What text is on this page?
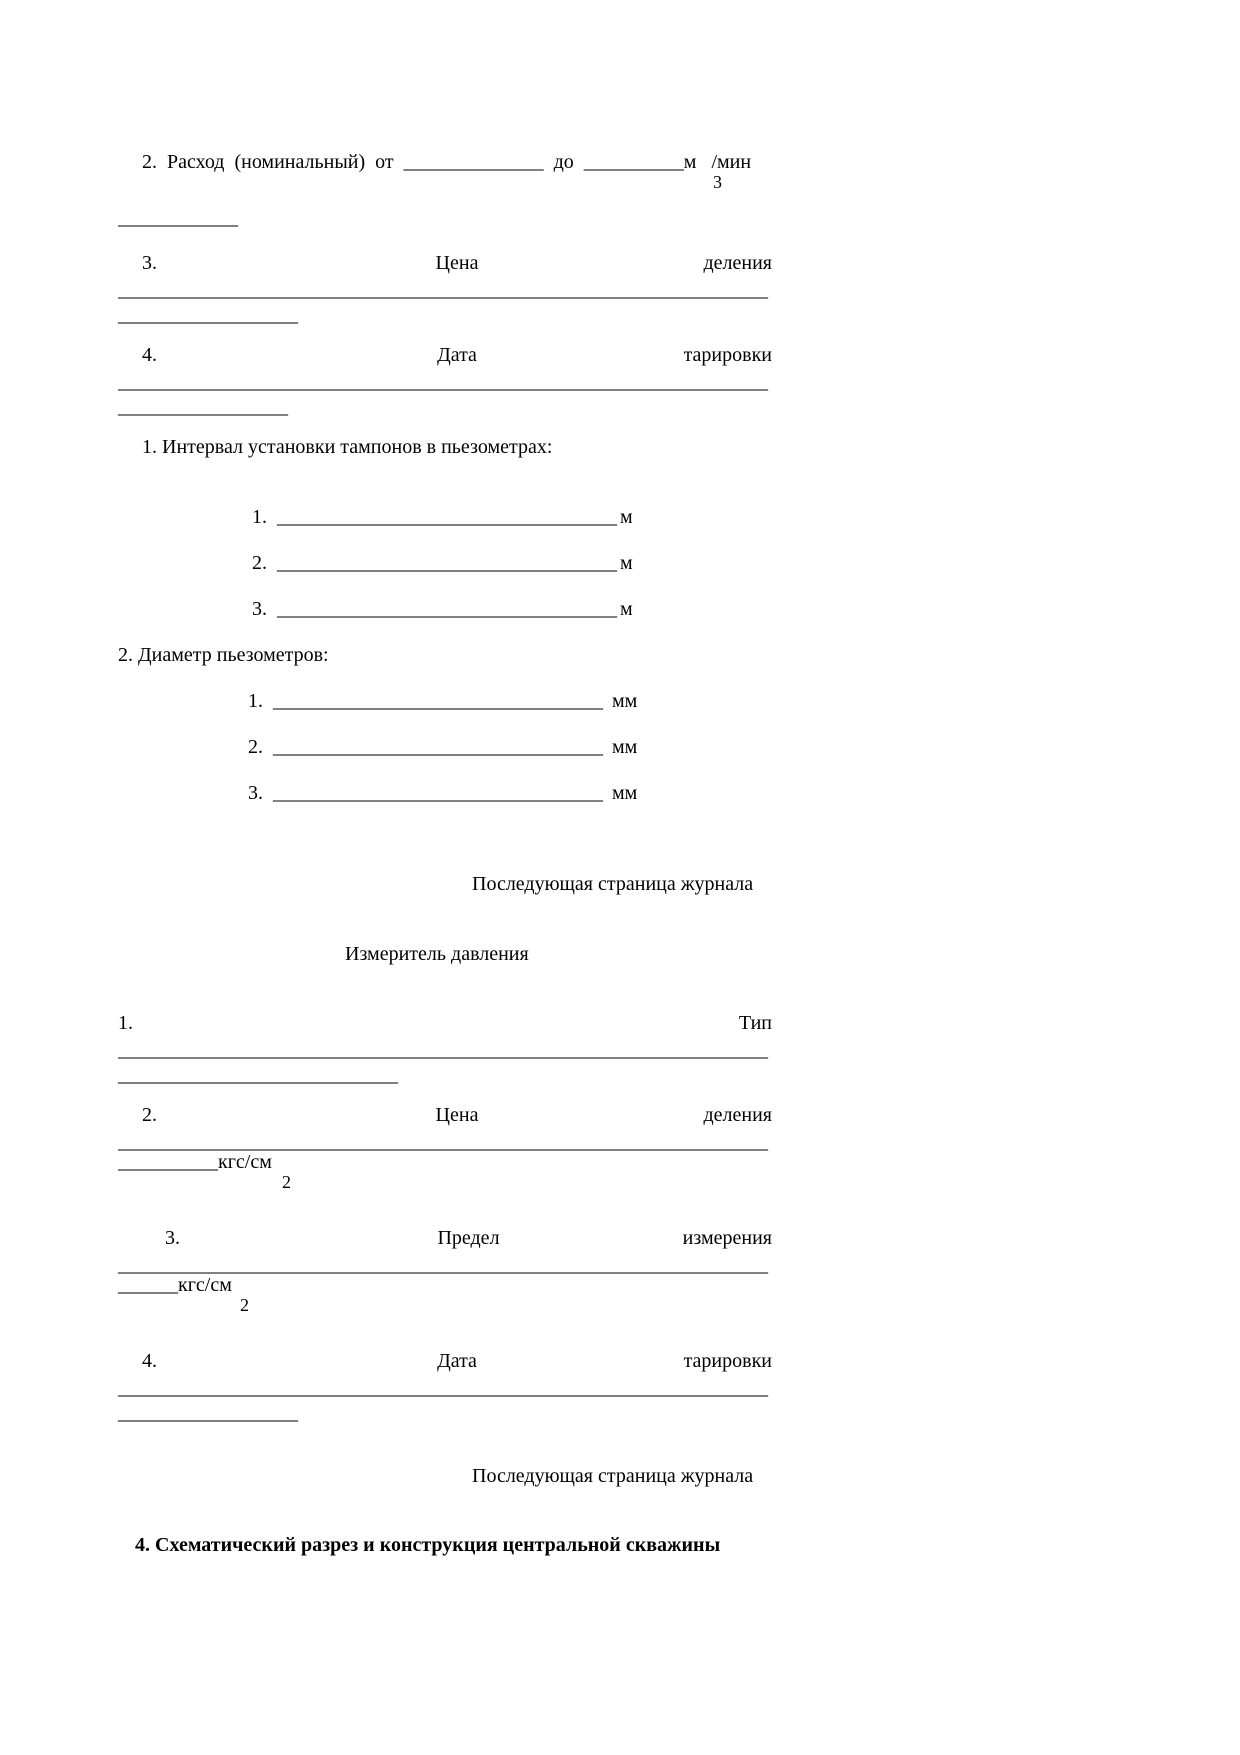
2.  Расход  (номинальный)  от  ______________  до  __________м   /мин
3
____________
3.	Цена	деления
_________________________________________________________________
__________________
4.	Дата	тарировки
_________________________________________________________________
_________________
1. Интервал установки тампонов в пьезометрах:
1. __________________________________ м
2. __________________________________ м
3. __________________________________ м
2. Диаметр пьезометров:
1. _________________________________ мм
2. _________________________________ мм
3. _________________________________ мм
Последующая страница журнала
Измеритель давления
1.	Тип
_________________________________________________________________
____________________________
2.	Цена	деления
_________________________________________________________________
__________кгс/см
2
3.	Предел	измерения
_________________________________________________________________
______кгс/см
2
4.	Дата	тарировки
_________________________________________________________________
__________________
Последующая страница журнала
4. Схематический разрез и конструкция центральной скважины
